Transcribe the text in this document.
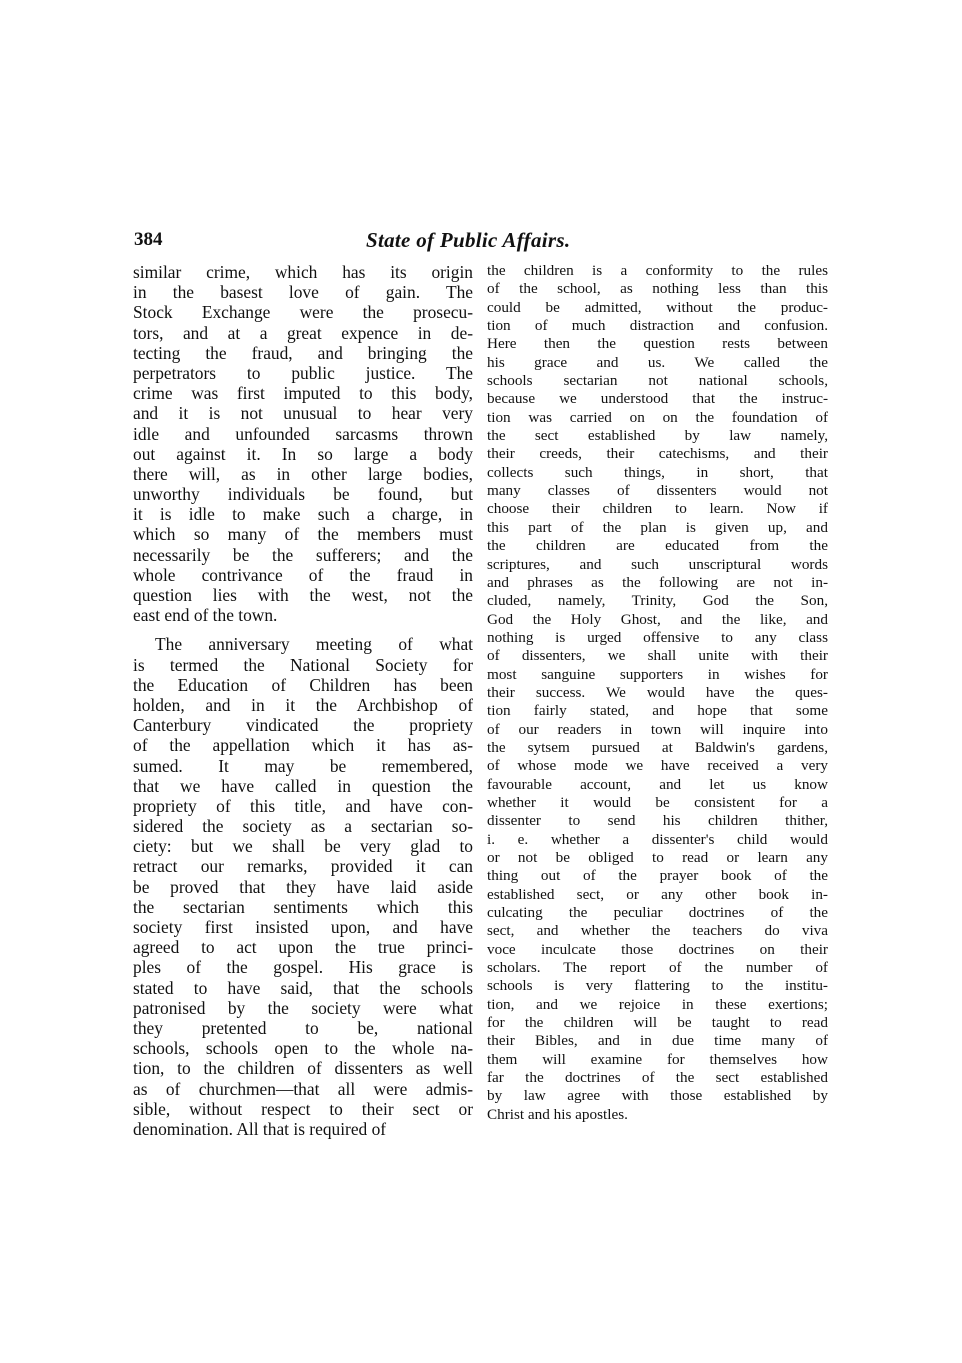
384	State of Public Affairs.
similar crime, which has its origin
in the basest love of gain. The
Stock Exchange were the prosecu-
tors, and at a great expence in de-
tecting the fraud, and bringing the
perpetrators to public justice. The
crime was first imputed to this body,
and it is not unusual to hear very
idle and unfounded sarcasms thrown
out against it. In so large a body
there will, as in other large bodies,
unworthy individuals be found, but
it is idle to make such a charge, in
which so many of the members must
necessarily be the sufferers; and the
whole contrivance of the fraud in
question lies with the west, not the
east end of the town.
The anniversary meeting of what
is termed the National Society for
the Education of Children has been
holden, and in it the Archbishop of
Canterbury vindicated the propriety
of the appellation which it has as-
sumed. It may be remembered,
that we have called in question the
propriety of this title, and have con-
sidered the society as a sectarian so-
ciety: but we shall be very glad to
retract our remarks, provided it can
be proved that they have laid aside
the sectarian sentiments which this
society first insisted upon, and have
agreed to act upon the true princi-
ples of the gospel. His grace is
stated to have said, that the schools
patronised by the society were what
they pretented to be, national
schools, schools open to the whole na-
tion, to the children of dissenters as well
as of churchmen—that all were admis-
sible, without respect to their sect or
denomination. All that is required of
the children is a conformity to the rules
of the school, as nothing less than this
could be admitted, without the produc-
tion of much distraction and confusion.
Here then the question rests between
his grace and us. We called the
schools sectarian not national schools,
because we understood that the instruc-
tion was carried on on the foundation of
the sect established by law namely,
their creeds, their catechisms, and their
collects such things, in short, that
many classes of dissenters would not
choose their children to learn. Now if
this part of the plan is given up, and
the children are educated from the
scriptures, and such unscriptural words
and phrases as the following are not in-
cluded, namely, Trinity, God the Son,
God the Holy Ghost, and the like, and
nothing is urged offensive to any class
of dissenters, we shall unite with their
most sanguine supporters in wishes for
their success. We would have the ques-
tion fairly stated, and hope that some
of our readers in town will inquire into
the sytsem pursued at Baldwin's gardens,
of whose mode we have received a very
favourable account, and let us know
whether it would be consistent for a
dissenter to send his children thither,
i. e. whether a dissenter's child would
or not be obliged to read or learn any
thing out of the prayer book of the
established sect, or any other book in-
culcating the peculiar doctrines of the
sect, and whether the teachers do viva
voce inculcate those doctrines on their
scholars. The report of the number of
schools is very flattering to the institu-
tion, and we rejoice in these exertions;
for the children will be taught to read
their Bibles, and in due time many of
them will examine for themselves how
far the doctrines of the sect established
by law agree with those established by
Christ and his apostles.
